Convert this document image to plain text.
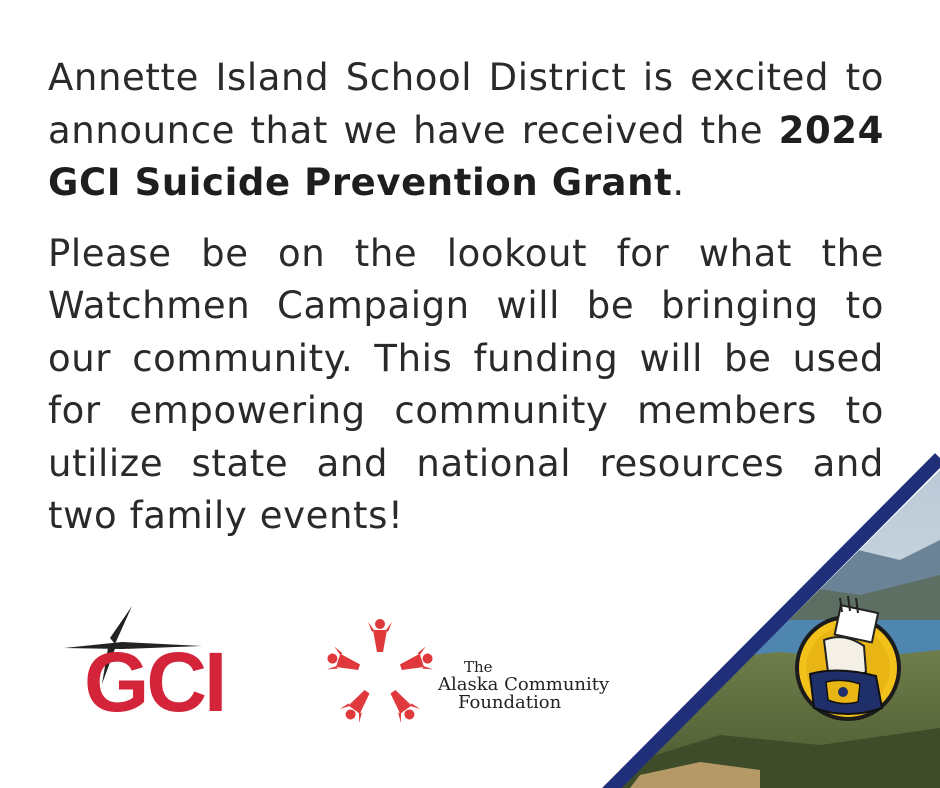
Annette Island School District is excited to announce that we have received the 2024 GCI Suicide Prevention Grant.

Please be on the lookout for what the Watchmen Campaign will be bringing to our community. This funding will be used for empowering community members to utilize state and national resources and two family events!

GCI	The
Alaska Community
Foundation
